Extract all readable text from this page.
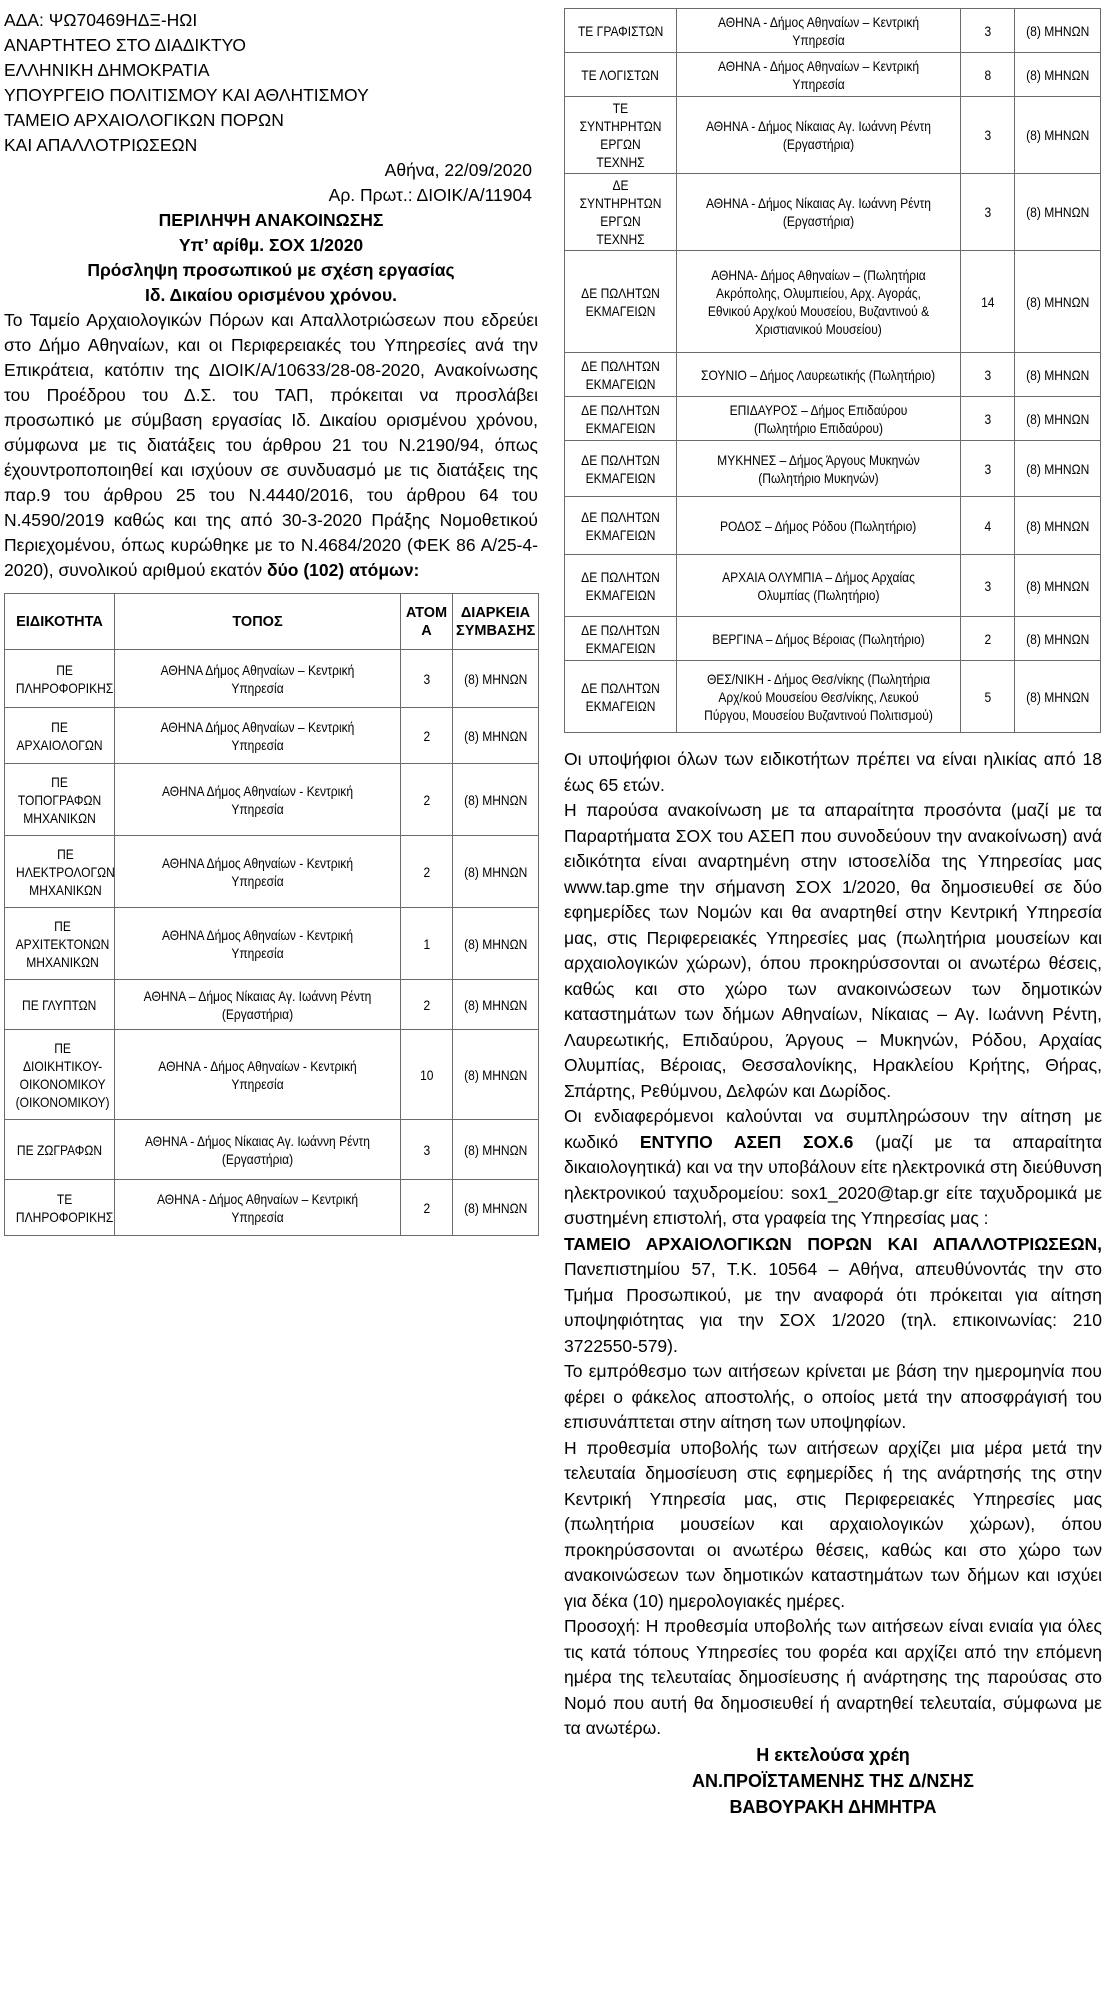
ΑΔΑ: ΨΩ70469ΗΔΞ-ΗΩΙ
ΑΝΑΡΤΗΤΕΟ ΣΤΟ ΔΙΑΔΙΚΤΥΟ
ΕΛΛΗΝΙΚΗ ΔΗΜΟΚΡΑΤΙΑ
ΥΠΟΥΡΓΕΙΟ ΠΟΛΙΤΙΣΜΟΥ ΚΑΙ ΑΘΛΗΤΙΣΜΟΥ
ΤΑΜΕΙΟ ΑΡΧΑΙΟΛΟΓΙΚΩΝ ΠΟΡΩΝ
ΚΑΙ ΑΠΑΛΛΟΤΡΙΩΣΕΩΝ
Αθήνα, 22/09/2020
Αρ. Πρωτ.: ΔΙΟΙΚ/Α/11904
ΠΕΡΙΛΗΨΗ ΑΝΑΚΟΙΝΩΣΗΣ
Υπ’ αρίθμ. ΣΟΧ 1/2020
Πρόσληψη προσωπικού με σχέση εργασίας
Ιδ. Δικαίου ορισμένου χρόνου.

Το Ταμείο Αρχαιολογικών Πόρων και Απαλλοτριώσεων που εδρεύει στο Δήμο Αθηναίων, και οι Περιφερειακές του Υπηρεσίες ανά την Επικράτεια, κατόπιν της ΔΙΟΙΚ/Α/10633/28-08-2020, Ανακοίνωσης του Προέδρου του Δ.Σ. του ΤΑΠ, πρόκειται να προσλάβει προσωπικό με σύμβαση εργασίας Ιδ. Δικαίου ορισμένου χρόνου, σύμφωνα με τις διατάξεις του άρθρου 21 του Ν.2190/94, όπως έχουντροποποιηθεί και ισχύουν σε συνδυασμό με τις διατάξεις της παρ.9 του άρθρου 25 του Ν.4440/2016, του άρθρου 64 του Ν.4590/2019 καθώς και της από 30-3-2020 Πράξης Νομοθετικού Περιεχομένου, όπως κυρώθηκε με το Ν.4684/2020 (ΦΕΚ 86 Α/25-4-2020), συνολικού αριθμού εκατόν δύο (102) ατόμων:

ΕΙΔΙΚΟΤΗΤΑ	ΤΟΠΟΣ	ΑΤΟΜ Α	ΔΙΑΡΚΕΙΑ ΣΥΜΒΑΣΗΣ
ΠΕ ΠΛΗΡΟΦΟΡΙΚΗΣ	ΑΘΗΝΑ Δήμος Αθηναίων – Κεντρική Υπηρεσία	3	(8) ΜΗΝΩΝ
ΠΕ ΑΡΧΑΙΟΛΟΓΩΝ	ΑΘΗΝΑ Δήμος Αθηναίων – Κεντρική Υπηρεσία	2	(8) ΜΗΝΩΝ
ΠΕ ΤΟΠΟΓΡΑΦΩΝ ΜΗΧΑΝΙΚΩΝ	ΑΘΗΝΑ Δήμος Αθηναίων - Κεντρική Υπηρεσία	2	(8) ΜΗΝΩΝ
ΠΕ ΗΛΕΚΤΡΟΛΟΓΩΝ ΜΗΧΑΝΙΚΩΝ	ΑΘΗΝΑ Δήμος Αθηναίων - Κεντρική Υπηρεσία	2	(8) ΜΗΝΩΝ
ΠΕ ΑΡΧΙΤΕΚΤΟΝΩΝ ΜΗΧΑΝΙΚΩΝ	ΑΘΗΝΑ Δήμος Αθηναίων - Κεντρική Υπηρεσία	1	(8) ΜΗΝΩΝ
ΠΕ ΓΛΥΠΤΩΝ	ΑΘΗΝΑ – Δήμος Νίκαιας Αγ. Ιωάννη Ρέντη (Εργαστήρια)	2	(8) ΜΗΝΩΝ
ΠΕ ΔΙΟΙΚΗΤΙΚΟΥ-ΟΙΚΟΝΟΜΙΚΟΥ (ΟΙΚΟΝΟΜΙΚΟΥ)	ΑΘΗΝΑ - Δήμος Αθηναίων - Κεντρική Υπηρεσία	10	(8) ΜΗΝΩΝ
ΠΕ ΖΩΓΡΑΦΩΝ	ΑΘΗΝΑ - Δήμος Νίκαιας Αγ. Ιωάννη Ρέντη (Εργαστήρια)	3	(8) ΜΗΝΩΝ
ΤΕ ΠΛΗΡΟΦΟΡΙΚΗΣ	ΑΘΗΝΑ - Δήμος Αθηναίων – Κεντρική Υπηρεσία	2	(8) ΜΗΝΩΝ
ΤΕ ΓΡΑΦΙΣΤΩΝ	ΑΘΗΝΑ - Δήμος Αθηναίων – Κεντρική Υπηρεσία	3	(8) ΜΗΝΩΝ
ΤΕ ΛΟΓΙΣΤΩΝ	ΑΘΗΝΑ - Δήμος Αθηναίων – Κεντρική Υπηρεσία	8	(8) ΜΗΝΩΝ
ΤΕ ΣΥΝΤΗΡΗΤΩΝ ΕΡΓΩΝ ΤΕΧΝΗΣ	ΑΘΗΝΑ - Δήμος Νίκαιας Αγ. Ιωάννη Ρέντη (Εργαστήρια)	3	(8) ΜΗΝΩΝ
ΔΕ ΣΥΝΤΗΡΗΤΩΝ ΕΡΓΩΝ ΤΕΧΝΗΣ	ΑΘΗΝΑ - Δήμος Νίκαιας Αγ. Ιωάννη Ρέντη (Εργαστήρια)	3	(8) ΜΗΝΩΝ
ΔΕ ΠΩΛΗΤΩΝ ΕΚΜΑΓΕΙΩΝ	ΑΘΗΝΑ- Δήμος Αθηναίων – (Πωλητήρια Ακρόπολης, Ολυμπιείου, Αρχ. Αγοράς, Εθνικού Αρχ/κού Μουσείου, Βυζαντινού & Χριστιανικού Μουσείου)	14	(8) ΜΗΝΩΝ
ΔΕ ΠΩΛΗΤΩΝ ΕΚΜΑΓΕΙΩΝ	ΣΟΥΝΙΟ – Δήμος Λαυρεωτικής (Πωλητήριο)	3	(8) ΜΗΝΩΝ
ΔΕ ΠΩΛΗΤΩΝ ΕΚΜΑΓΕΙΩΝ	ΕΠΙΔΑΥΡΟΣ – Δήμος Επιδαύρου (Πωλητήριο Επιδαύρου)	3	(8) ΜΗΝΩΝ
ΔΕ ΠΩΛΗΤΩΝ ΕΚΜΑΓΕΙΩΝ	ΜΥΚΗΝΕΣ – Δήμος Άργους Μυκηνών (Πωλητήριο Μυκηνών)	3	(8) ΜΗΝΩΝ
ΔΕ ΠΩΛΗΤΩΝ ΕΚΜΑΓΕΙΩΝ	ΡΟΔΟΣ – Δήμος Ρόδου (Πωλητήριο)	4	(8) ΜΗΝΩΝ
ΔΕ ΠΩΛΗΤΩΝ ΕΚΜΑΓΕΙΩΝ	ΑΡΧΑΙΑ ΟΛΥΜΠΙΑ – Δήμος Αρχαίας Ολυμπίας (Πωλητήριο)	3	(8) ΜΗΝΩΝ
ΔΕ ΠΩΛΗΤΩΝ ΕΚΜΑΓΕΙΩΝ	ΒΕΡΓΙΝΑ – Δήμος Βέροιας (Πωλητήριο)	2	(8) ΜΗΝΩΝ
ΔΕ ΠΩΛΗΤΩΝ ΕΚΜΑΓΕΙΩΝ	ΘΕΣ/ΝΙΚΗ - Δήμος Θεσ/νίκης (Πωλητήρια Αρχ/κού Μουσείου Θεσ/νίκης, Λευκού Πύργου, Μουσείου Βυζαντινού Πολιτισμού)	5	(8) ΜΗΝΩΝ

Οι υποψήφιοι όλων των ειδικοτήτων πρέπει να είναι ηλικίας από 18 έως 65 ετών.

Η παρούσα ανακοίνωση με τα απαραίτητα προσόντα (μαζί με τα Παραρτήματα ΣΟΧ του ΑΣΕΠ που συνοδεύουν την ανακοίνωση) ανά ειδικότητα είναι αναρτημένη στην ιστοσελίδα της Υπηρεσίας μας www.tap.gme την σήμανση ΣΟΧ 1/2020, θα δημοσιευθεί σε δύο εφημερίδες των Νομών και θα αναρτηθεί στην Κεντρική Υπηρεσία μας, στις Περιφερειακές Υπηρεσίες μας (πωλητήρια μουσείων και αρχαιολογικών χώρων), όπου προκηρύσσονται οι ανωτέρω θέσεις, καθώς και στο χώρο των ανακοινώσεων των δημοτικών καταστημάτων των δήμων Αθηναίων, Νίκαιας – Αγ. Ιωάννη Ρέντη, Λαυρεωτικής, Επιδαύρου, Άργους – Μυκηνών, Ρόδου, Αρχαίας Ολυμπίας, Βέροιας, Θεσσαλονίκης, Ηρακλείου Κρήτης, Θήρας, Σπάρτης, Ρεθύμνου, Δελφών και Δωρίδος.

Οι ενδιαφερόμενοι καλούνται να συμπληρώσουν την αίτηση με κωδικό ΕΝΤΥΠΟ ΑΣΕΠ ΣΟΧ.6 (μαζί με τα απαραίτητα δικαιολογητικά) και να την υποβάλουν είτε ηλεκτρονικά στη διεύθυνση ηλεκτρονικού ταχυδρομείου: sox1_2020@tap.gr είτε ταχυδρομικά με συστημένη επιστολή, στα γραφεία της Υπηρεσίας μας :

ΤΑΜΕΙΟ ΑΡΧΑΙΟΛΟΓΙΚΩΝ ΠΟΡΩΝ ΚΑΙ ΑΠΑΛΛΟΤΡΙΩΣΕΩΝ, Πανεπιστημίου 57, Τ.Κ. 10564 – Αθήνα, απευθύνοντάς την στο Τμήμα Προσωπικού, με την αναφορά ότι πρόκειται για αίτηση υποψηφιότητας για την ΣΟΧ 1/2020 (τηλ. επικοινωνίας: 210 3722550-579).

Το εμπρόθεσμο των αιτήσεων κρίνεται με βάση την ημερομηνία που φέρει ο φάκελος αποστολής, ο οποίος μετά την αποσφράγισή του επισυνάπτεται στην αίτηση των υποψηφίων.

Η προθεσμία υποβολής των αιτήσεων αρχίζει μια μέρα μετά την τελευταία δημοσίευση στις εφημερίδες ή της ανάρτησής της στην Κεντρική Υπηρεσία μας, στις Περιφερειακές Υπηρεσίες μας (πωλητήρια μουσείων και αρχαιολογικών χώρων), όπου προκηρύσσονται οι ανωτέρω θέσεις, καθώς και στο χώρο των ανακοινώσεων των δημοτικών καταστημάτων των δήμων και ισχύει για δέκα (10) ημερολογιακές ημέρες.

Προσοχή: Η προθεσμία υποβολής των αιτήσεων είναι ενιαία για όλες τις κατά τόπους Υπηρεσίες του φορέα και αρχίζει από την επόμενη ημέρα της τελευταίας δημοσίευσης ή ανάρτησης της παρούσας στο Νομό που αυτή θα δημοσιευθεί ή αναρτηθεί τελευταία, σύμφωνα με τα ανωτέρω.

Η εκτελούσα χρέη
ΑΝ.ΠΡΟΪΣΤΑΜΕΝΗΣ ΤΗΣ Δ/ΝΣΗΣ
ΒΑΒΟΥΡΑΚΗ ΔΗΜΗΤΡΑ
